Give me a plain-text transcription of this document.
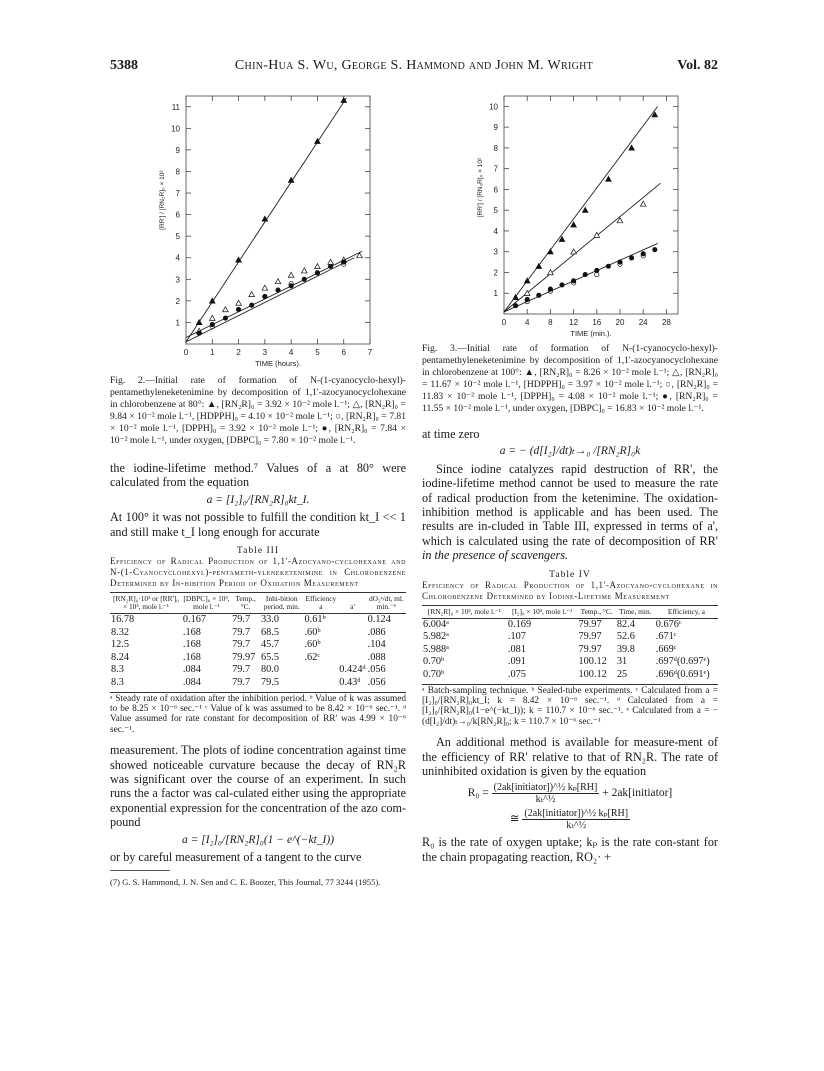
5388	Chin-Hua S. Wu, George S. Hammond and John M. Wright	Vol. 82
0	1	2	3	4	5	6	7
1
2
3
4
5
6
7
8
9
10
11
TIME (hours).
[RR'] / [RN₂R]₀ × 10²

Fig. 2.—Initial rate of formation of N-(1-cyanocyclo-hexyl)-pentamethyleneketenimine by decomposition of 1,1'-azocyanocyclohexane in chlorobenzene at 80°: ▲, [RN₂R]₀ = 3.92 × 10⁻² mole l.⁻¹; △, [RN₂R]₀ = 9.84 × 10⁻² mole l.⁻¹, [HDPPH]₀ = 4.10 × 10⁻² mole l.⁻¹; ○, [RN₂R]₀ = 7.81 × 10⁻² mole l.⁻¹, [DPPH]₀ = 3.92 × 10⁻² mole l.⁻¹; ●, [RN₂R]₀ = 7.84 × 10⁻² mole l.⁻¹, under oxygen, [DBPC]₀ = 7.80 × 10⁻² mole l.⁻¹.

the iodine-lifetime method.⁷ Values of a at 80° were calculated from the equation

a = [I₂]₀/[RN₂R]₀kt_I.

At 100° it was not possible to fulfill the condition kt_I << 1 and still make t_I long enough for accurate

Table III
Efficiency of Radical Production of 1,1'-Azocyano-cyclohexane and N-(1-Cyanocyclohexyl)-pentameth-yleneketenimine in Chlorobenzene Determined by In-hibition Period of Oxidation Measurement
[RN₂R]₀·10³ or [RR']₀ × 10³, mole l.⁻¹	[DBPC]₀ × 10³, mole l.⁻¹	Temp., °C.	Inhi-bition period, min.	Efficiency a	a'	dO₂ᵃ/dt, ml. min.⁻¹
16.78	0.167	79.7	33.0	0.61ᵇ		0.124
8.32	.168	79.7	68.5	.60ᵇ		.086
12.5	.168	79.7	45.7	.60ᵇ		.104
8.24	.168	79.97	65.5	.62ᶜ		.088
8.3	.084	79.7	80.0		0.424ᵈ	.056
8.3	.084	79.7	79.5		0.43ᵈ	.056
ᵃ Steady rate of oxidation after the inhibition period. ᵇ Value of k was assumed to be 8.25 × 10⁻⁶ sec.⁻¹ ᶜ Value of k was assumed to be 8.42 × 10⁻⁶ sec.⁻¹. ᵈ Value assumed for rate constant for decomposition of RR' was 4.99 × 10⁻⁶ sec.⁻¹.

measurement. The plots of iodine concentration against time showed noticeable curvature because the decay of RN₂R was significant over the course of an experiment. In such runs the a factor was cal-culated either using the appropriate exponential expression for the concentration of the azo com-pound

a = [I₂]₀/[RN₂R]₀(1 − e^(−kt_I))

or by careful measurement of a tangent to the curve

(7) G. S. Hammond, J. N. Sen and C. E. Boozer, This Journal, 77 3244 (1955).
0 4 8 12 16 20 24 28
1
2
3
4
5
6
7
8
9
10
TIME (min.).
[RR'] / [RN₂R]₀ × 10²

Fig. 3.—Initial rate of formation of N-(1-cyanocyclo-hexyl)-pentamethyleneketenimine by decomposition of 1,1'-azocyanocyclohexane in chlorobenzene at 100°: ▲, [RN₂R]₀ = 8.26 × 10⁻² mole l.⁻¹; △, [RN₂R]₀ = 11.67 × 10⁻² mole l.⁻¹, [HDPPH]₀ = 3.97 × 10⁻² mole l.⁻¹; ○, [RN₂R]₀ = 11.83 × 10⁻² mole l.⁻¹, [DPPH]₀ = 4.08 × 10⁻² mole l.⁻¹; ●, [RN₂R]₀ = 11.55 × 10⁻² mole l.⁻¹, under oxygen, [DBPC]₀ = 16.83 × 10⁻² mole l.⁻¹.

at time zero

a = − (d[I₂]/dt)ₜ→₀ /[RN₂R]₀k

Since iodine catalyzes rapid destruction of RR', the iodine-lifetime method cannot be used to measure the rate of radical production from the ketenimine. The oxidation-inhibition method is applicable and has been used. The results are in-cluded in Table III, expressed in terms of a', which is calculated using the rate of decomposition of RR' in the presence of scavengers.

Table IV
Efficiency of Radical Production of 1,1'-Azocyano-cyclohexane in Chlorobenzene Determined by Iodine-Lifetime Measurement
[RN₂R]₀ × 10³, mole l.⁻¹	[I₂]₀ × 10³, mole l.⁻¹	Temp., °C.	Time, min.	Efficiency, a
6.004ᵃ	0.169	79.97	82.4	0.676ᶜ
5.982ᵃ	.107	79.97	52.6	.671ᶜ
5.988ᵃ	.081	79.97	39.8	.669ᶜ
0.70ᵇ	.091	100.12	31	.697ᵈ(0.697ᵉ)
0.70ᵇ	.075	100.12	25	.696ᵈ(0.691ᵉ)
ᵃ Batch-sampling technique. ᵇ Sealed-tube experiments. ᶜ Calculated from a = [I₂]₀/[RN₂R]₀kt_I; k = 8.42 × 10⁻⁶ sec.⁻¹. ᵈ Calculated from a = [I₂]₀/[RN₂R]₀(1−e^(−kt_I)); k = 110.7 × 10⁻⁶ sec.⁻¹. ᵉ Calculated from a = −(d[I₂]/dt)ₜ→₀/k[RN₂R]₀; k = 110.7 × 10⁻⁶ sec.⁻¹

An additional method is available for measure-ment of the efficiency of RR' relative to that of RN₂R. The rate of uninhibited oxidation is given by the equation

$R_0 = \frac{\text{(2ak[initiator])\textasciicircum{}½ kₚ[RH]}}{\text{kₜ\textasciicircum{}½}}$ + 2ak[initiator]
≅ $\frac{\text{(2ak[initiator])\textasciicircum{}½ kₚ[RH]}}{\text{kₜ\textasciicircum{}½}}$

R₀ is the rate of oxygen uptake; kₚ is the rate con-stant for the chain propagating reaction, RO₂· +
